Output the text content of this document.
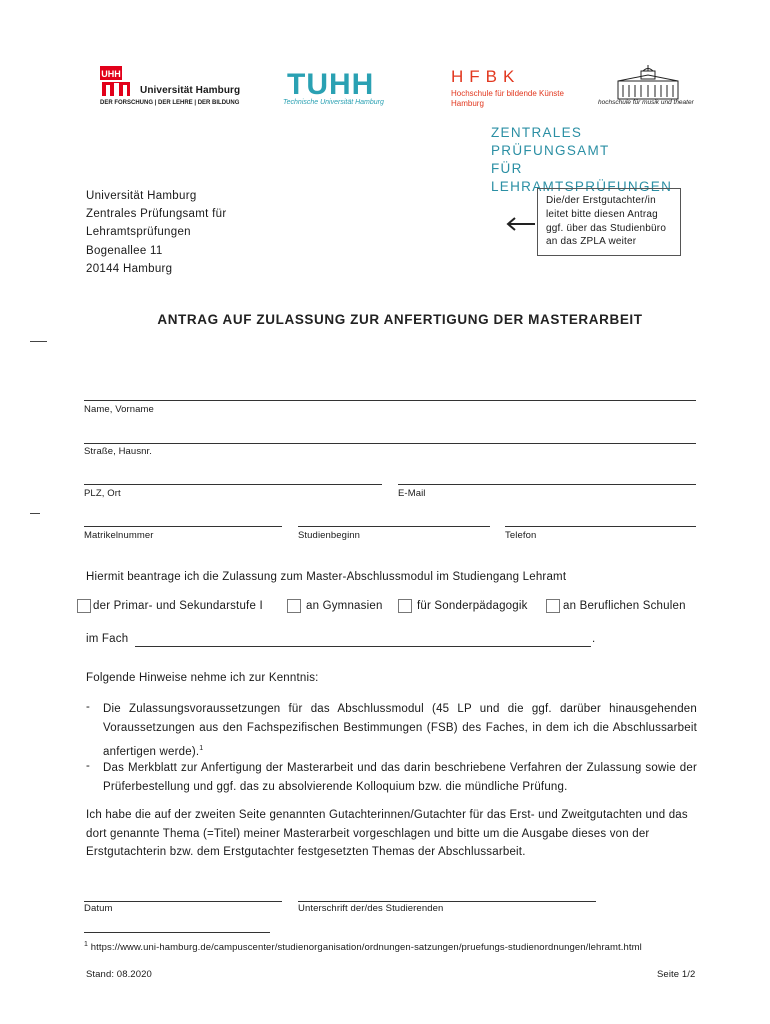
UHH
Universität Hamburg
DER FORSCHUNG | DER LEHRE | DER BILDUNG
TUHH
Technische Universität Hamburg
HFBK
Hochschule für bildende Künste Hamburg	hochschule für musik und theater
ZENTRALES PRÜFUNGSAMT
FÜR LEHRAMTSPRÜFUNGEN
Universität Hamburg
Zentrales Prüfungsamt für
Lehramtsprüfungen
Bogenallee 11
20144 Hamburg
Die/der Erstgutachter/in leitet bitte diesen Antrag ggf. über das Studienbüro an das ZPLA weiter
ANTRAG AUF ZULASSUNG ZUR ANFERTIGUNG DER MASTERARBEIT
Name, Vorname
Straße, Hausnr.
PLZ, Ort	E-Mail
Matrikelnummer	Studienbeginn	Telefon
Hiermit beantrage ich die Zulassung zum Master-Abschlussmodul im Studiengang Lehramt
der Primar- und Sekundarstufe I	an Gymnasien	für Sonderpädagogik	an Beruflichen Schulen
im Fach	.
Folgende Hinweise nehme ich zur Kenntnis:
- Die Zulassungsvoraussetzungen für das Abschlussmodul (45 LP und die ggf. darüber hinausgehenden Voraussetzungen aus den Fachspezifischen Bestimmungen (FSB) des Faches, in dem ich die Abschlussarbeit anfertigen werde).$^1$
- Das Merkblatt zur Anfertigung der Masterarbeit und das darin beschriebene Verfahren der Zulassung sowie der Prüferbestellung und ggf. das zu absolvierende Kolloquium bzw. die mündliche Prüfung.
Ich habe die auf der zweiten Seite genannten Gutachterinnen/Gutachter für das Erst- und Zweitgutachten und das dort genannte Thema (=Titel) meiner Masterarbeit vorgeschlagen und bitte um die Ausgabe dieses von der Erstgutachterin bzw. dem Erstgutachter festgesetzten Themas der Abschlussarbeit.
Datum	Unterschrift der/des Studierenden
$^1$ https://www.uni-hamburg.de/campuscenter/studienorganisation/ordnungen-satzungen/pruefungs-studienordnungen/lehramt.html
Stand: 08.2020	Seite 1/2
